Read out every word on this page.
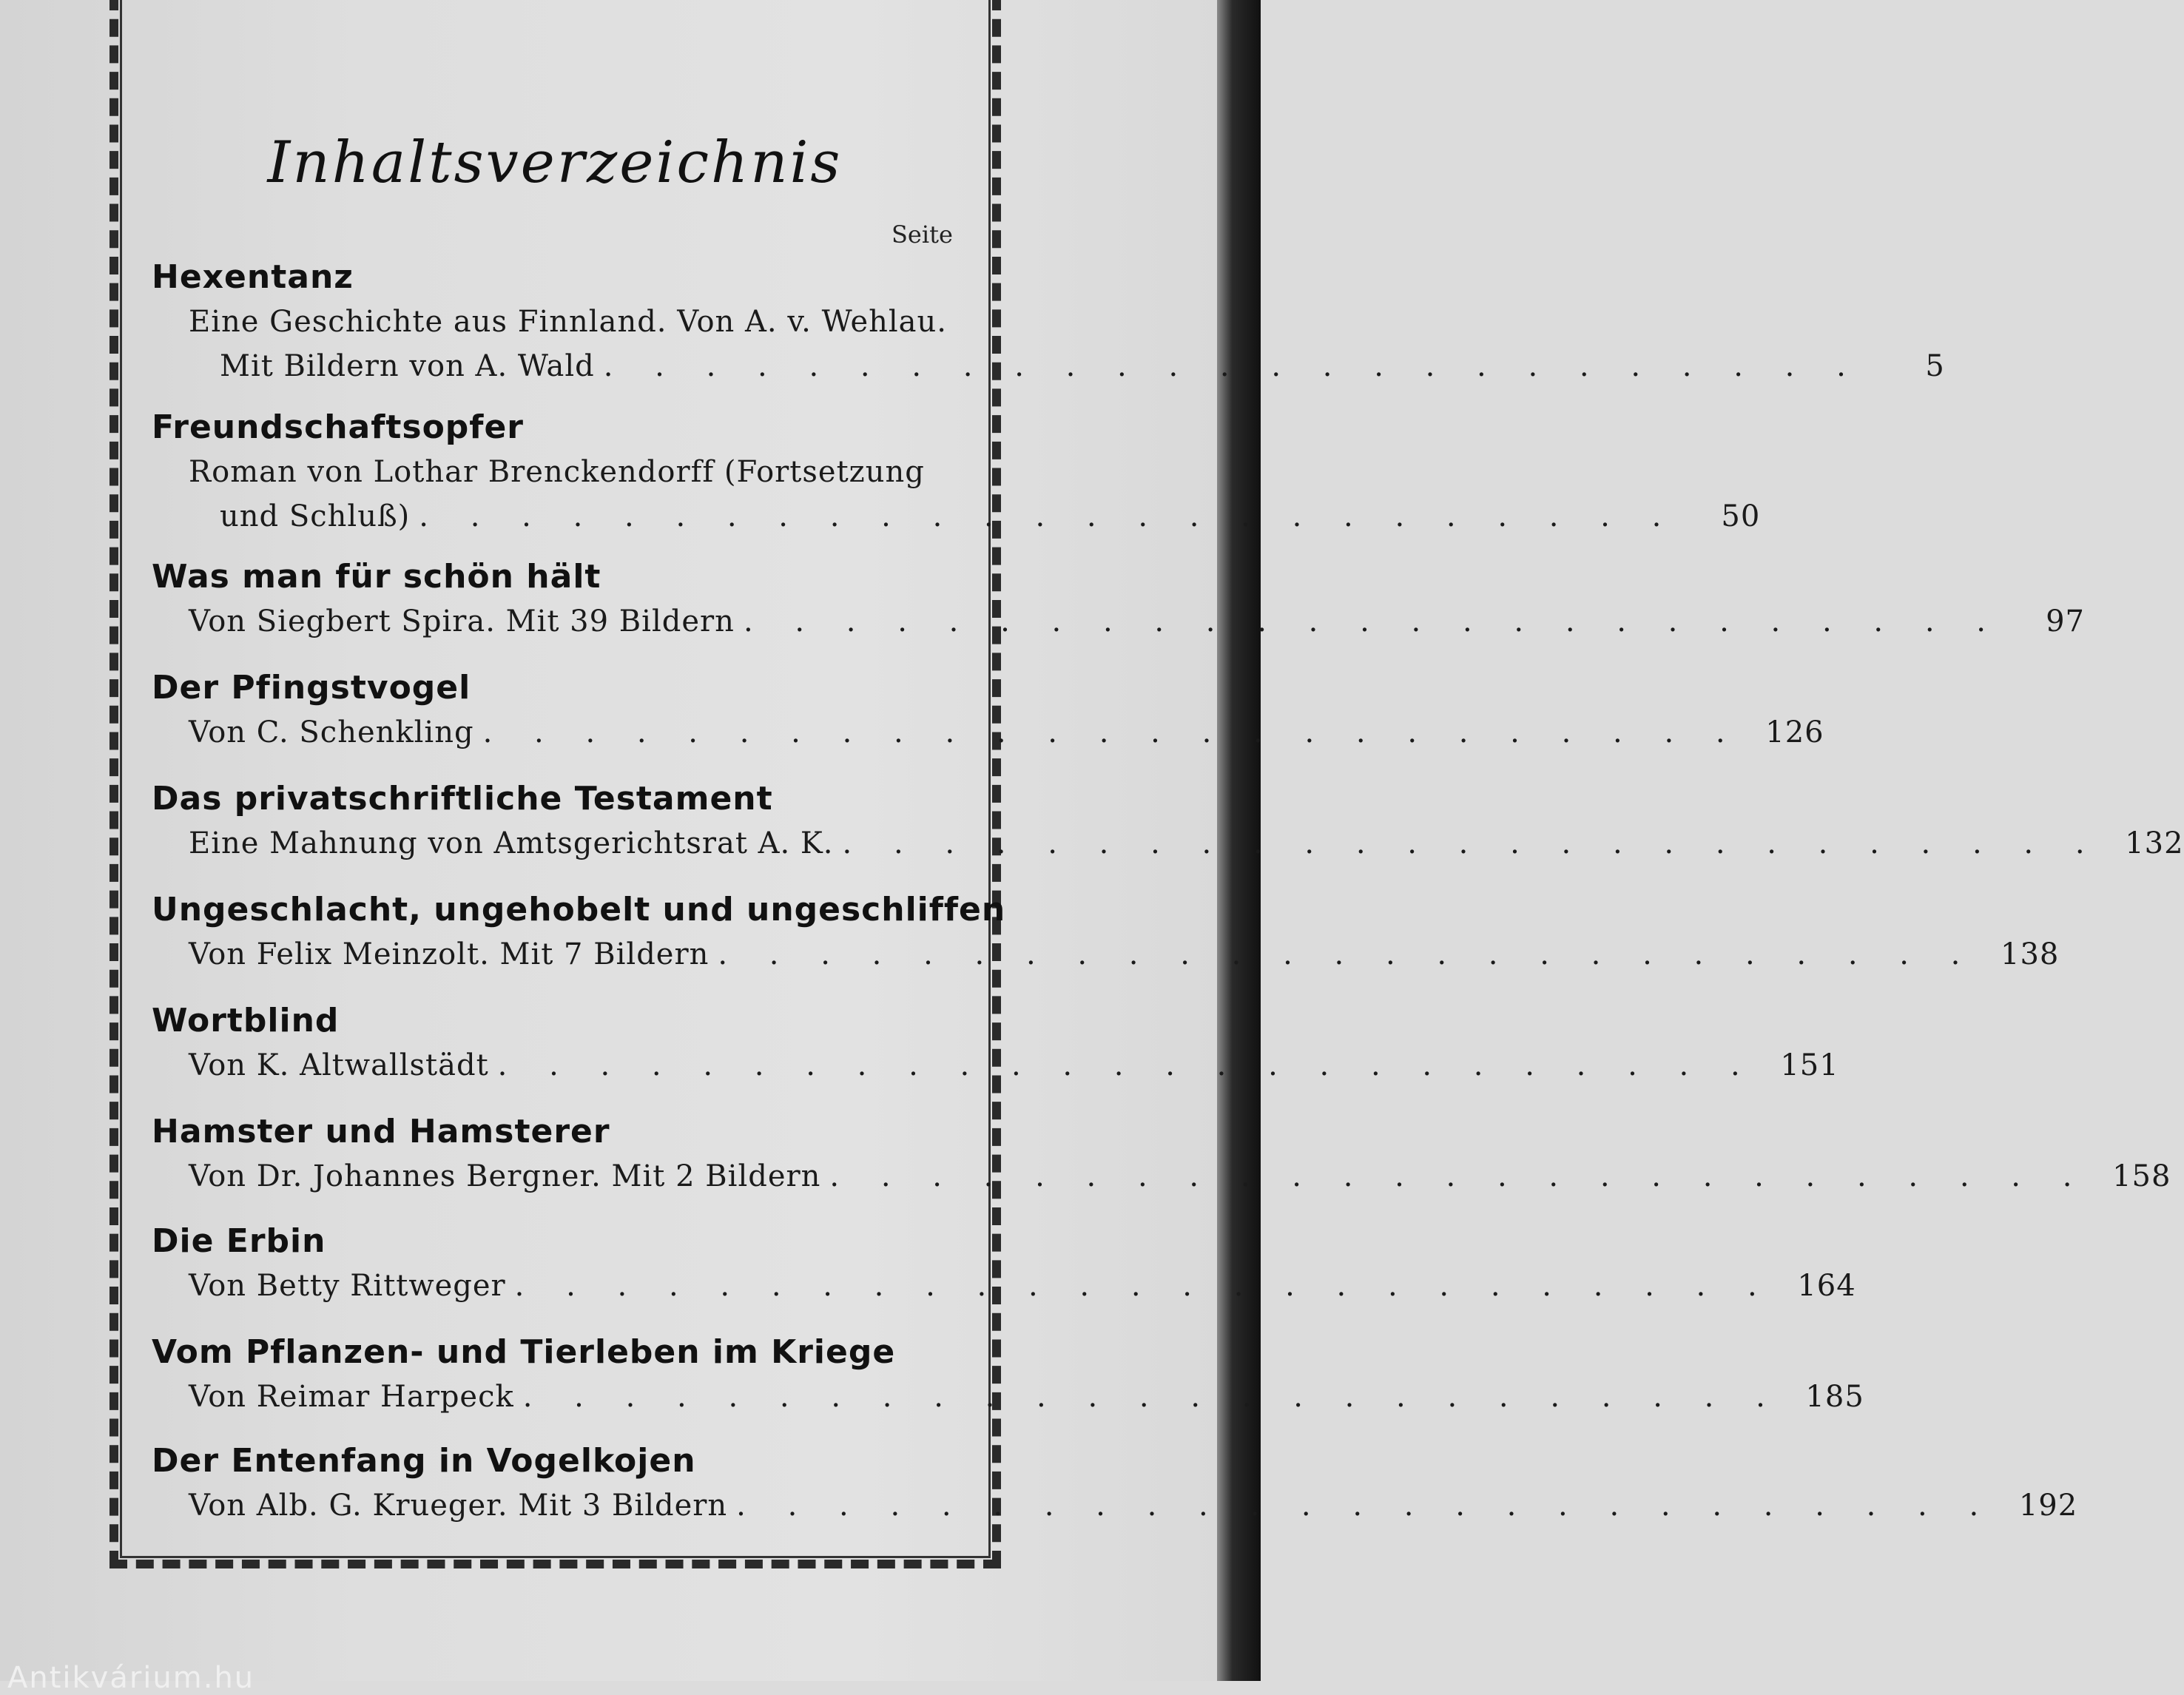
Inhaltsverzeichnis
Seite
Hexentanz
Eine Geschichte aus Finnland. Von A. v. Wehlau.
Mit Bildern von A. Wald . . . . . . . . . . . . . . . . . . . . . . . . .	5
Freundschaftsopfer
Roman von Lothar Brenckendorff (Fortsetzung
und Schluß) . . . . . . . . . . . . . . . . . . . . . . . . .	50
Was man für schön hält
Von Siegbert Spira. Mit 39 Bildern . . . . . . . . . . . . . . . . . . . . . . . . .	97
Der Pfingstvogel
Von C. Schenkling . . . . . . . . . . . . . . . . . . . . . . . . . 126
Das privatschriftliche Testament
Eine Mahnung von Amtsgerichtsrat A. K. . . . . . . . . . . . . . . . . . . . . . . . . . 132
Ungeschlacht, ungehobelt und ungeschliffen
Von Felix Meinzolt. Mit 7 Bildern . . . . . . . . . . . . . . . . . . . . . . . . . 138
Wortblind
Von K. Altwallstädt . . . . . . . . . . . . . . . . . . . . . . . . . 151
Hamster und Hamsterer
Von Dr. Johannes Bergner. Mit 2 Bildern . . . . . . . . . . . . . . . . . . . . . . . . . 158
Die Erbin
Von Betty Rittweger . . . . . . . . . . . . . . . . . . . . . . . . . 164
Vom Pflanzen- und Tierleben im Kriege
Von Reimar Harpeck . . . . . . . . . . . . . . . . . . . . . . . . . 185
Der Entenfang in Vogelkojen
Von Alb. G. Krueger. Mit 3 Bildern . . . . . . . . . . . . . . . . . . . . . . . . . 192
Antikvárium.hu
